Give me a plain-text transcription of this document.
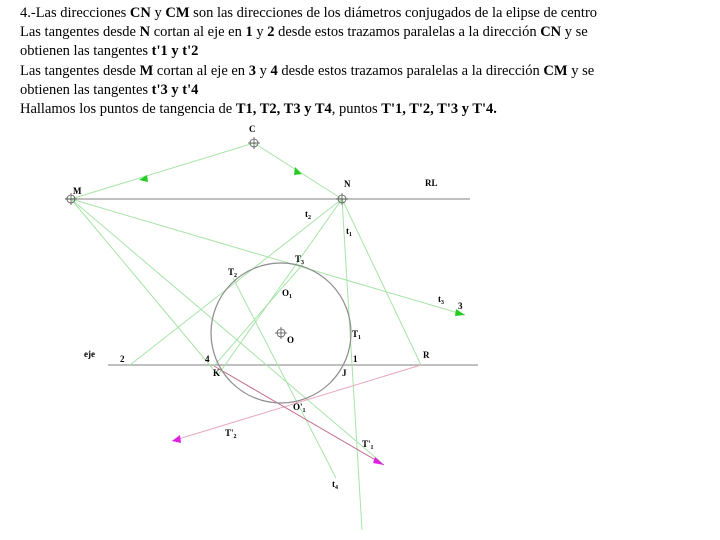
4.-Las direcciones CN y CM son las direcciones de los diámetros conjugados de la elipse de centro

Las tangentes desde N cortan al eje en 1 y 2 desde estos trazamos paralelas a la dirección CN y se

obtienen las tangentes t'1 y t'2

Las tangentes desde M cortan al eje en 3 y 4 desde estos trazamos paralelas a la dirección CM y se

obtienen las tangentes t'3 y t'4

Hallamos los puntos de tangencia de T1, T2, T3 y T4, puntos T'1, T'2, T'3 y T'4.

C
M
N	RL
eje	2	4	1
3
R
K	J
O
$O_1$
$O'_1$
$T_1$
$T_2$
$T_3$
$T'_2$
$T'_1$
$t_1$
$t_2$
$t_3$
$t_4$
